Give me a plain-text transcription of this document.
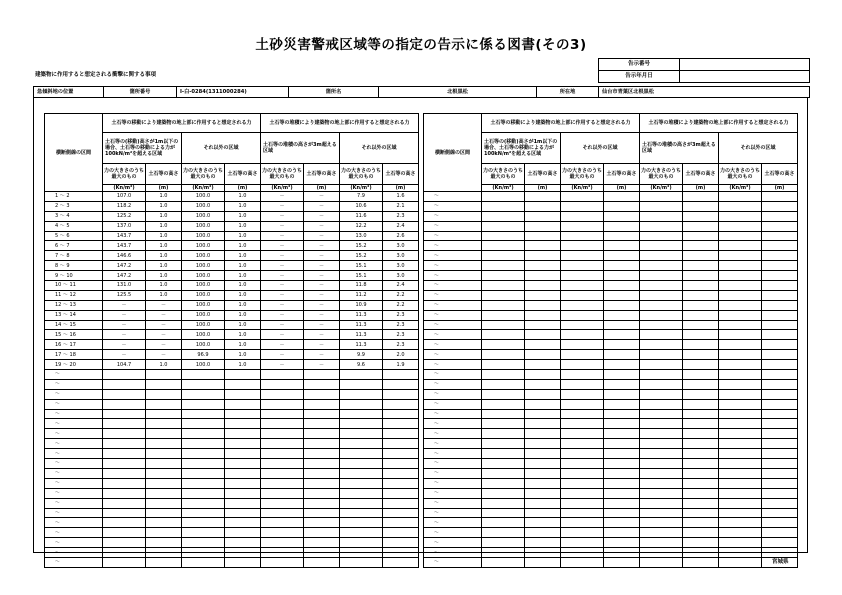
土砂災害警戒区域等の指定の告示に係る図書(その3)
告示番号
告示年月日
建築物に作用すると想定される衝撃に関する事項
急傾斜地の位置	箇所番号	Ⅰ-白-0284(1311000284)	箇所名	北根黒松	所在地	仙台市青葉区北根黒松
横断側線の区間	土石等の移動により建築物の地上部に作用すると想定される力				土石等の堆積により建築物の地上部に作用すると想定される力			
	土石等の(移動)高さが1m以下の場合、土石等の移動による力が100kN/m²を超える区域		それ以外の区域		土石等の堆積の高さが3m超える区域		それ以外の区域	
	力の大きさのうち最大のもの	土石等の高さ	力の大きさのうち最大のもの	土石等の高さ	力の大きさのうち最大のもの	土石等の高さ	力の大きさのうち最大のもの	土石等の高さ
	(Kn/m²)	(m)	(Kn/m²)	(m)	(Kn/m²)	(m)	(Kn/m²)	(m)
1 ～ 2	107.0	1.0	100.0	1.0	－	－	7.9	1.6
2 ～ 3	118.2	1.0	100.0	1.0	－	－	10.6	2.1
3 ～ 4	125.2	1.0	100.0	1.0	－	－	11.6	2.3
4 ～ 5	137.0	1.0	100.0	1.0	－	－	12.2	2.4
5 ～ 6	143.7	1.0	100.0	1.0	－	－	13.0	2.6
6 ～ 7	143.7	1.0	100.0	1.0	－	－	15.2	3.0
7 ～ 8	146.6	1.0	100.0	1.0	－	－	15.2	3.0
8 ～ 9	147.2	1.0	100.0	1.0	－	－	15.1	3.0
9 ～ 10	147.2	1.0	100.0	1.0	－	－	15.1	3.0
10 ～ 11	131.0	1.0	100.0	1.0	－	－	11.8	2.4
11 ～ 12	125.5	1.0	100.0	1.0	－	－	11.2	2.2
12 ～ 13	－	－	100.0	1.0	－	－	10.9	2.2
13 ～ 14	－	－	100.0	1.0	－	－	11.3	2.3
14 ～ 15	－	－	100.0	1.0	－	－	11.3	2.3
15 ～ 16	－	－	100.0	1.0	－	－	11.3	2.3
16 ～ 17	－	－	100.0	1.0	－	－	11.3	2.3
17 ～ 18	－	－	96.9	1.0	－	－	9.9	2.0
19 ～ 20	104.7	1.0	100.0	1.0	－	－	9.6	1.9
～								
～								
～								
～								
～								
～								
～								
～								
～								
～								
～								
～								
～								
～								
～								
～								
～								
～								
～								
～								
横断側線の区間	土石等の移動により建築物の地上部に作用すると想定される力				土石等の堆積により建築物の地上部に作用すると想定される力			
	土石等の(移動)高さが1m以下の場合、土石等の移動による力が100kN/m²を超える区域		それ以外の区域		土石等の堆積の高さが3m超える区域		それ以外の区域	
	力の大きさのうち最大のもの	土石等の高さ	力の大きさのうち最大のもの	土石等の高さ	力の大きさのうち最大のもの	土石等の高さ	力の大きさのうち最大のもの	土石等の高さ
	(Kn/m²)	(m)	(Kn/m²)	(m)	(Kn/m²)	(m)	(Kn/m²)	(m)
～								
～								
～								
～								
～								
～								
～								
～								
～								
～								
～								
～								
～								
～								
～								
～								
～								
～								
～								
～								
～								
～								
～								
～								
～								
～								
～								
～								
～								
～								
～								
～								
～								
～								
～								
～								
～								
～									宮城県
